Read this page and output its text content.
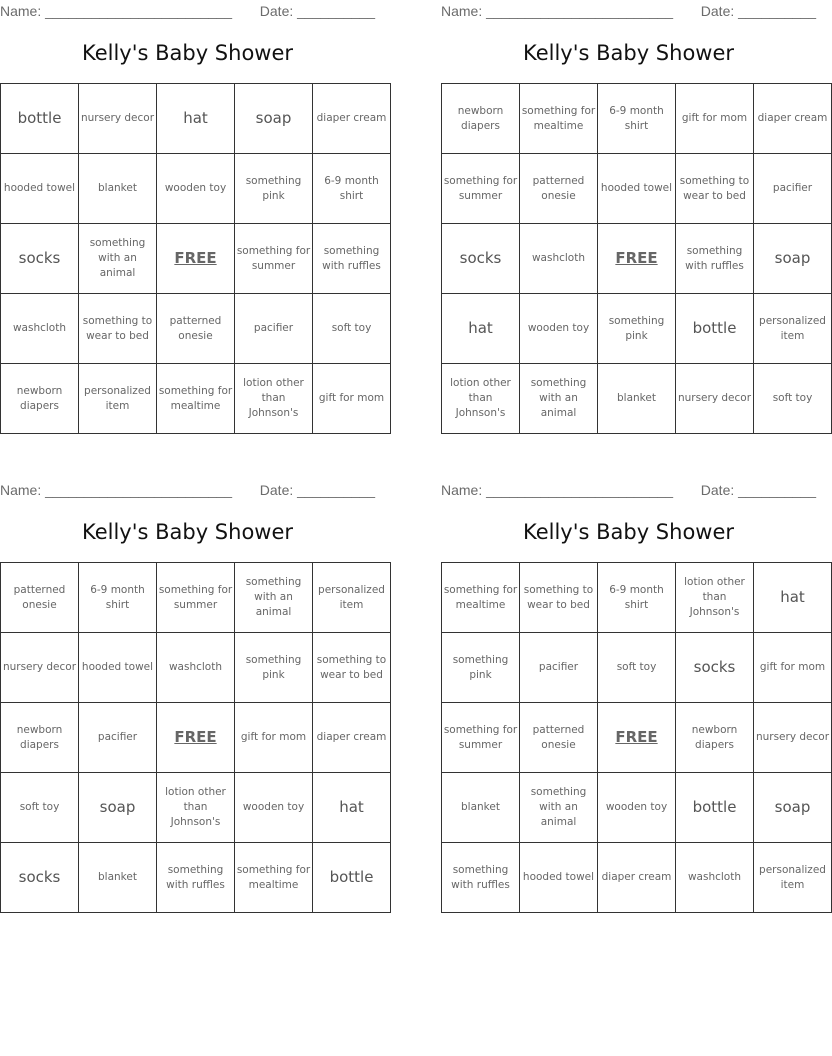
Name: ________________________ Date: __________
Kelly's Baby Shower
bottle	nursery decor	hat	soap	diaper cream
hooded towel	blanket	wooden toy	something pink	6-9 month shirt
socks	something with an animal	FREE	something for summer	something with ruffles
washcloth	something to wear to bed	patterned onesie	pacifier	soft toy
newborn diapers	personalized item	something for mealtime	lotion other than Johnson's	gift for mom
Name: ________________________ Date: __________
Kelly's Baby Shower
newborn diapers	something for mealtime	6-9 month shirt	gift for mom	diaper cream
something for summer	patterned onesie	hooded towel	something to wear to bed	pacifier
socks	washcloth	FREE	something with ruffles	soap
hat	wooden toy	something pink	bottle	personalized item
lotion other than Johnson's	something with an animal	blanket	nursery decor	soft toy
Name: ________________________ Date: __________
Kelly's Baby Shower
patterned onesie	6-9 month shirt	something for summer	something with an animal	personalized item
nursery decor	hooded towel	washcloth	something pink	something to wear to bed
newborn diapers	pacifier	FREE	gift for mom	diaper cream
soft toy	soap	lotion other than Johnson's	wooden toy	hat
socks	blanket	something with ruffles	something for mealtime	bottle
Name: ________________________ Date: __________
Kelly's Baby Shower
something for mealtime	something to wear to bed	6-9 month shirt	lotion other than Johnson's	hat
something pink	pacifier	soft toy	socks	gift for mom
something for summer	patterned onesie	FREE	newborn diapers	nursery decor
blanket	something with an animal	wooden toy	bottle	soap
something with ruffles	hooded towel	diaper cream	washcloth	personalized item
